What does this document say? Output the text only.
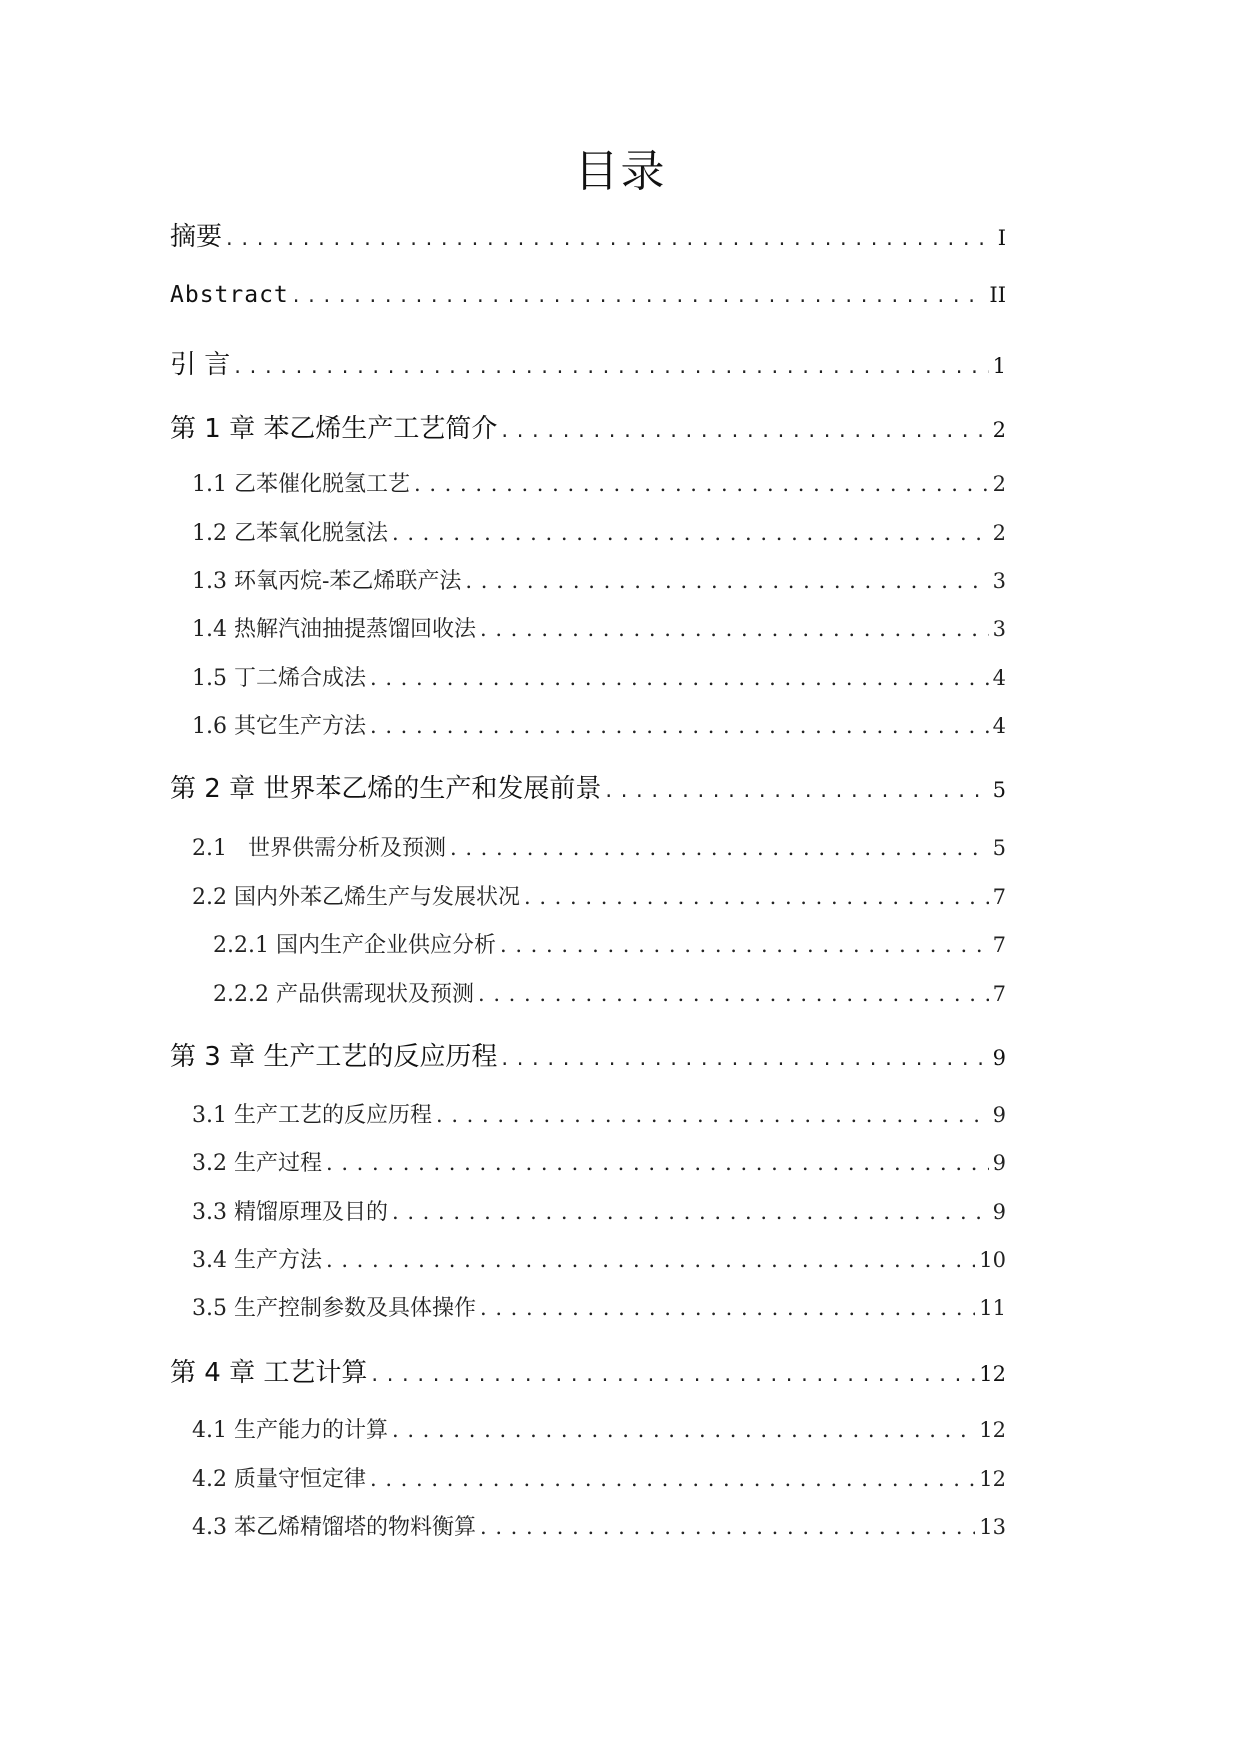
目录
摘要 . . .	I
Abstract . . .	II
引 言 . . .	1
第 1 章 苯乙烯生产工艺简介 . . .	2
1.1 乙苯催化脱氢工艺 . . .	2
1.2 乙苯氧化脱氢法 . . .	2
1.3 环氧丙烷-苯乙烯联产法 . . .	3
1.4 热解汽油抽提蒸馏回收法 . . .	3
1.5 丁二烯合成法 . . .	4
1.6 其它生产方法 . . .	4
第 2 章 世界苯乙烯的生产和发展前景 . . .	5
2.1   世界供需分析及预测 . . .	5
2.2 国内外苯乙烯生产与发展状况 . . .	7
2.2.1 国内生产企业供应分析 . . .	7
2.2.2 产品供需现状及预测 . . .	7
第 3 章 生产工艺的反应历程 . . .	9
3.1 生产工艺的反应历程 . . .	9
3.2 生产过程 . . .	9
3.3 精馏原理及目的 . . .	9
3.4 生产方法 . . .	10
3.5 生产控制参数及具体操作 . . .	11
第 4 章 工艺计算 . . .	12
4.1 生产能力的计算 . . .	12
4.2 质量守恒定律 . . .	12
4.3 苯乙烯精馏塔的物料衡算 . . .	13
